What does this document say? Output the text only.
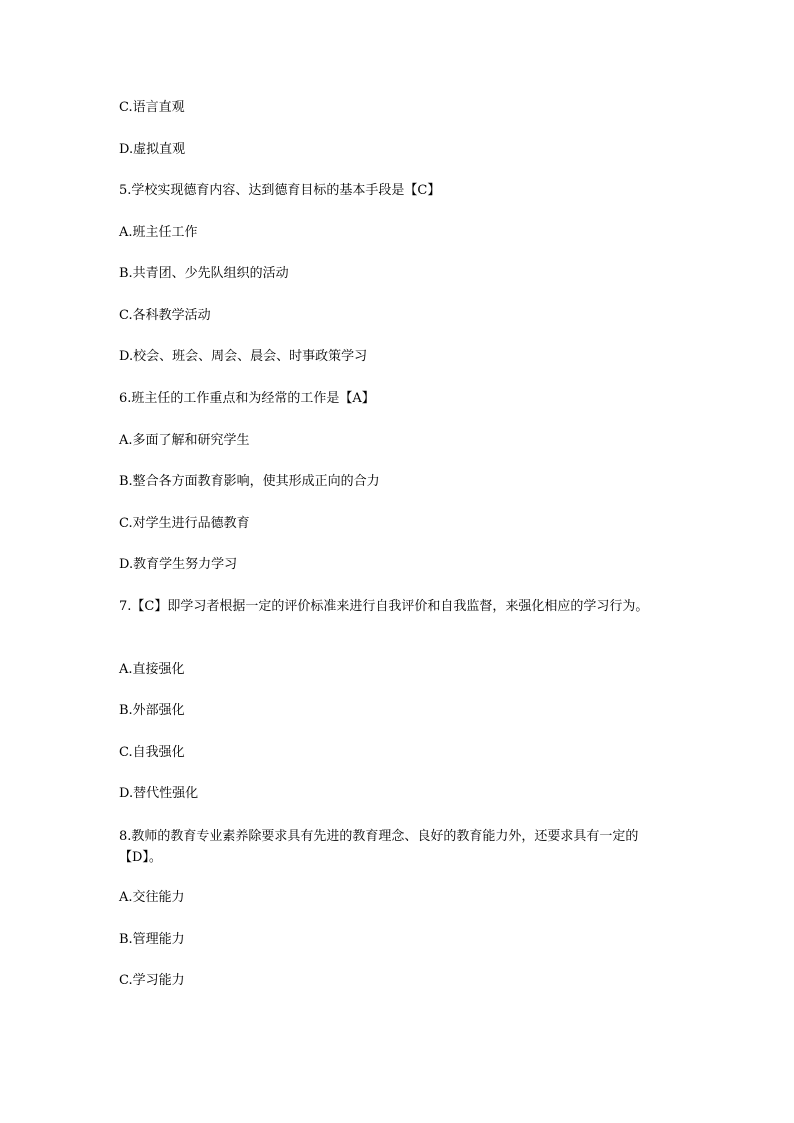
C.语言直观
D.虚拟直观
5.学校实现德育内容、达到德育目标的基本手段是【C】
A.班主任工作
B.共青团、少先队组织的活动
C.各科教学活动
D.校会、班会、周会、晨会、时事政策学习
6.班主任的工作重点和为经常的工作是【A】
A.多面了解和研究学生
B.整合各方面教育影响，使其形成正向的合力
C.对学生进行品德教育
D.教育学生努力学习
7.【C】即学习者根据一定的评价标准来进行自我评价和自我监督，来强化相应的学习行为。
A.直接强化
B.外部强化
C.自我强化
D.替代性强化
8.教师的教育专业素养除要求具有先进的教育理念、良好的教育能力外，还要求具有一定的【D】。
A.交往能力
B.管理能力
C.学习能力
